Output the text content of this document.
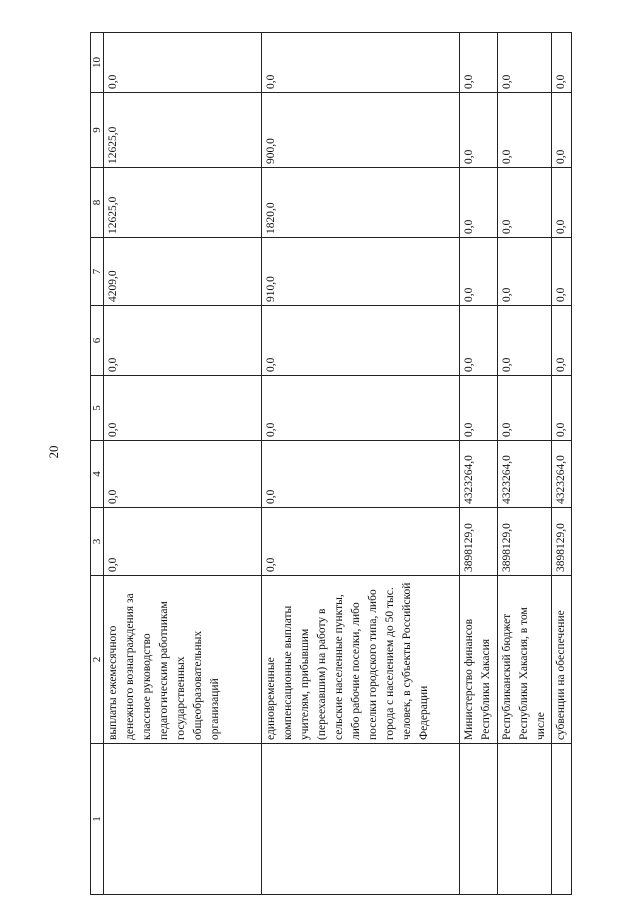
20
1	2	3	4	5	6	7	8	9	10
	выплаты ежемесячного денежного вознаграждения за классное руководство педагогическим работникам государственных общеобразовательных организаций	0,0	0,0	0,0	0,0	4209,0	12625,0	12625,0	0,0
	единовременные компенсационные выплаты учителям, прибывшим (переехавшим) на работу в сельские населенные пункты, либо рабочие поселки, либо поселки городского типа, либо города с населением до 50 тыс. человек, в субъекты Российской Федерации	0,0	0,0	0,0	0,0	910,0	1820,0	900,0	0,0
	Министерство финансов Республики Хакасия	3898129,0	4323264,0	0,0	0,0	0,0	0,0	0,0	0,0
	Республиканский бюджет Республики Хакасия, в том числе	3898129,0	4323264,0	0,0	0,0	0,0	0,0	0,0	0,0
	субвенции на обеспечение	3898129,0	4323264,0	0,0	0,0	0,0	0,0	0,0	0,0
